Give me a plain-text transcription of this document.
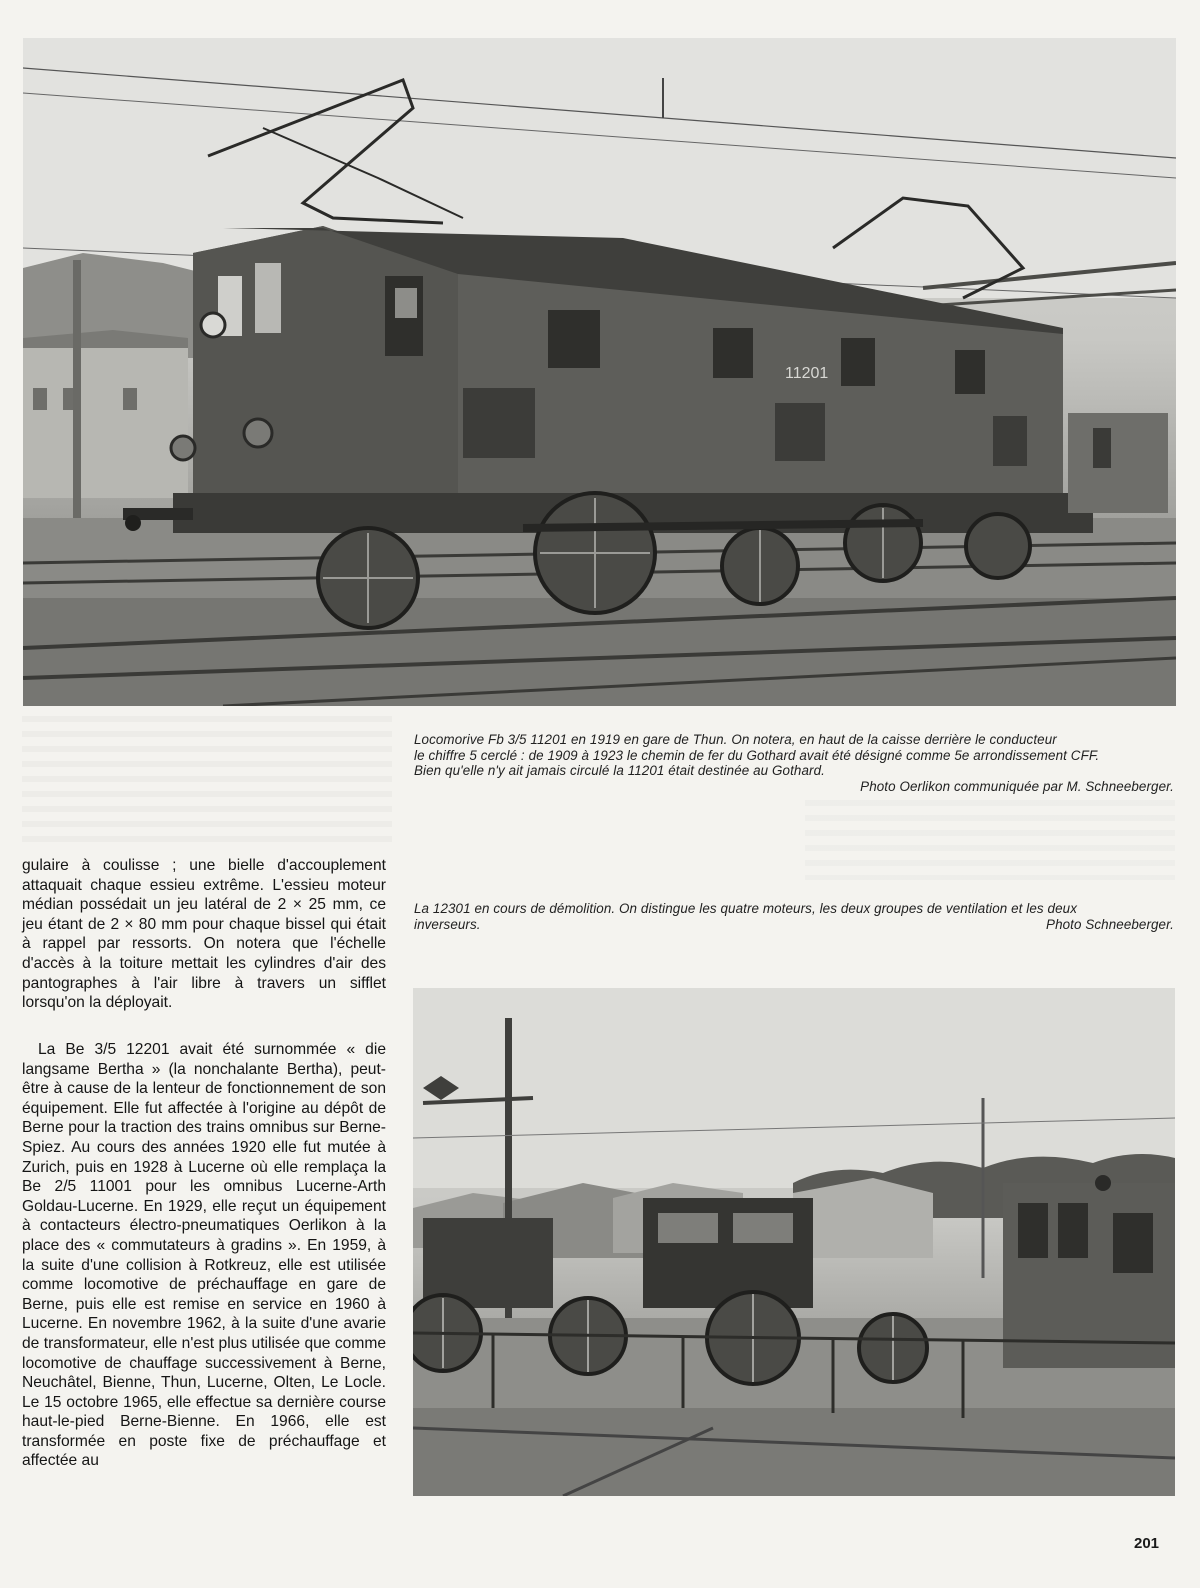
11201

Locomorive Fb 3/5 11201 en 1919 en gare de Thun. On notera, en haut de la caisse derrière le conducteur

le chiffre 5 cerclé : de 1909 à 1923 le chemin de fer du Gothard avait été désigné comme 5e arrondissement CFF.

Bien qu'elle n'y ait jamais circulé la 11201 était destinée au Gothard.

Photo Oerlikon communiquée par M. Schneeberger.

gulaire à coulisse ; une bielle d'accouplement attaquait chaque essieu extrême. L'essieu moteur médian possédait un jeu latéral de 2 × 25 mm, ce jeu étant de 2 × 80 mm pour chaque bissel qui était à rappel par ressorts. On notera que l'échelle d'accès à la toiture mettait les cylindres d'air des pantographes à l'air libre à travers un sifflet lorsqu'on la déployait.

La Be 3/5 12201 avait été surnommée « die langsame Bertha » (la nonchalante Bertha), peut-être à cause de la lenteur de fonctionnement de son équipement. Elle fut affectée à l'origine au dépôt de Berne pour la traction des trains omnibus sur Berne-Spiez. Au cours des années 1920 elle fut mutée à Zurich, puis en 1928 à Lucerne où elle remplaça la Be 2/5 11001 pour les omnibus Lucerne-Arth Goldau-Lucerne. En 1929, elle reçut un équipement à contacteurs électro-pneumatiques Oerlikon à la place des « commutateurs à gradins ». En 1959, à la suite d'une collision à Rotkreuz, elle est utilisée comme locomotive de préchauffage en gare de Berne, puis elle est remise en service en 1960 à Lucerne. En novembre 1962, à la suite d'une avarie de transformateur, elle n'est plus utilisée que comme locomotive de chauffage successivement à Berne, Neuchâtel, Bienne, Thun, Lucerne, Olten, Le Locle. Le 15 octobre 1965, elle effectue sa dernière course haut-le-pied Berne-Bienne. En 1966, elle est transformée en poste fixe de préchauffage et affectée au

La 12301 en cours de démolition. On distingue les quatre moteurs, les deux groupes de ventilation et les deux

inverseurs.	Photo Schneeberger.

201
